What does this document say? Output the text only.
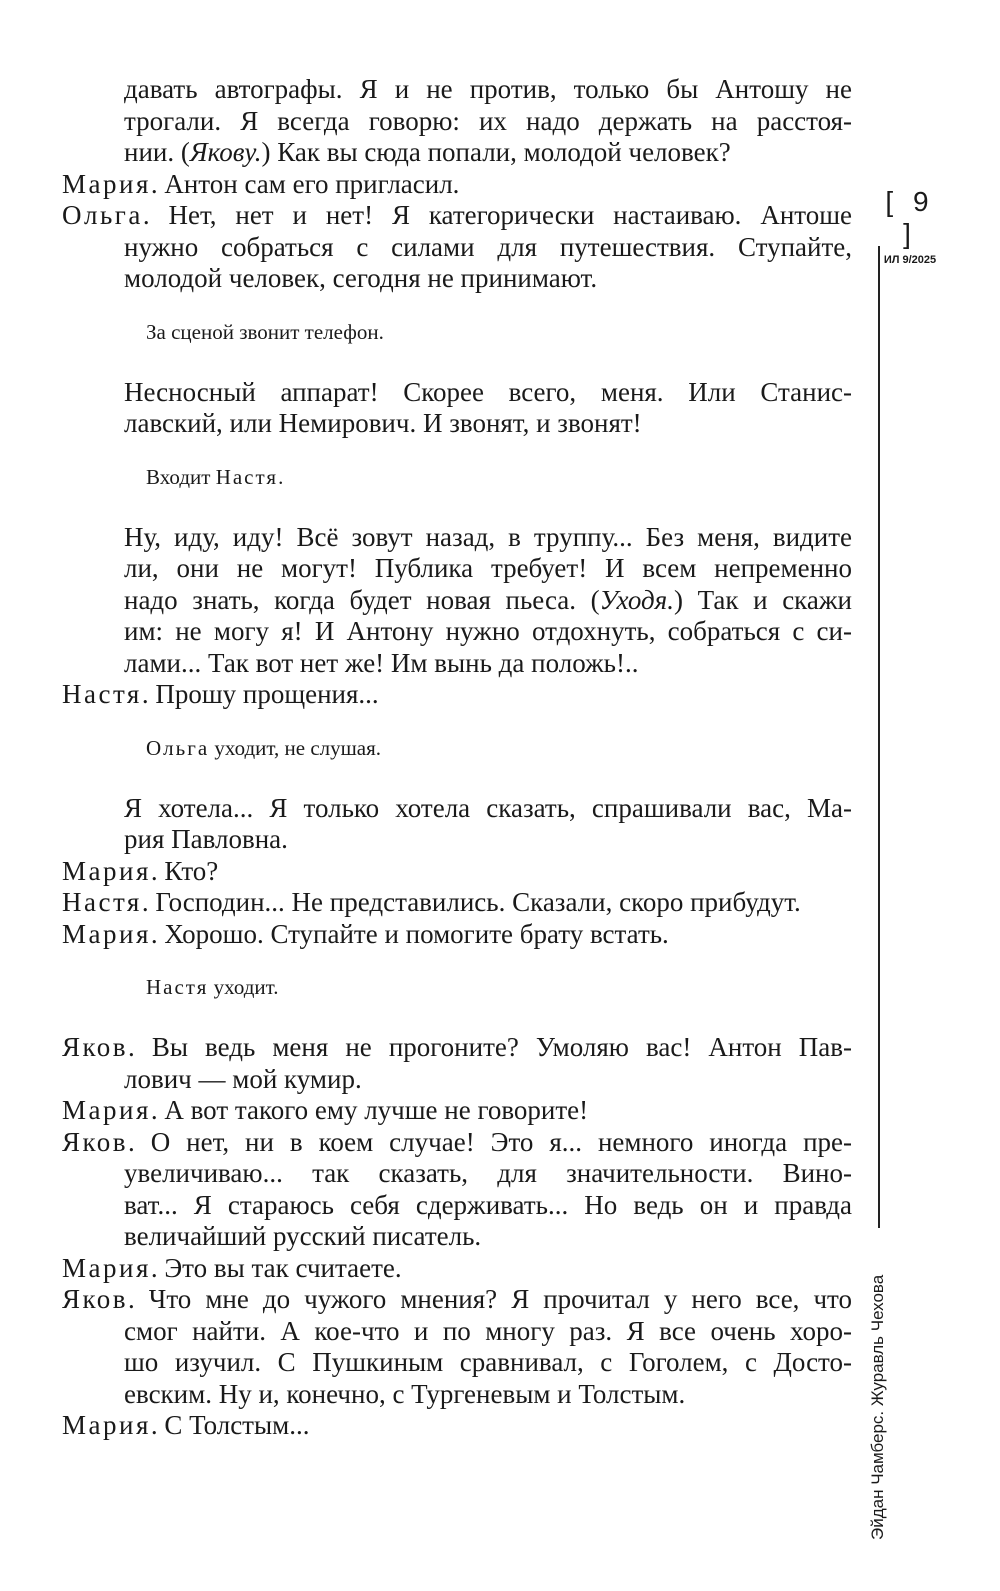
давать автографы. Я и не против, только бы Антошу не
трогали. Я всегда говорю: их надо держать на расстоя-
нии. (Якову.) Как вы сюда попали, молодой человек?
Мария. Антон сам его пригласил.
Ольга. Нет, нет и нет! Я категорически настаиваю. Антоше
нужно собраться с силами для путешествия. Ступайте,
молодой человек, сегодня не принимают.
За сценой звонит телефон.
Несносный аппарат! Скорее всего, меня. Или Станис-
лавский, или Немирович. И звонят, и звонят!
Входит Настя.
Ну, иду, иду! Всё зовут назад, в труппу... Без меня, видите
ли, они не могут! Публика требует! И всем непременно
надо знать, когда будет новая пьеса. (Уходя.) Так и скажи
им: не могу я! И Антону нужно отдохнуть, собраться с си-
лами... Так вот нет же! Им вынь да положь!..
Настя. Прошу прощения...
Ольга уходит, не слушая.
Я хотела... Я только хотела сказать, спрашивали вас, Ма-
рия Павловна.
Мария. Кто?
Настя. Господин... Не представились. Сказали, скоро прибудут.
Мария. Хорошо. Ступайте и помогите брату встать.
Настя уходит.
Яков. Вы ведь меня не прогоните? Умоляю вас! Антон Пав-
лович — мой кумир.
Мария. А вот такого ему лучше не говорите!
Яков. О нет, ни в коем случае! Это я... немного иногда пре-
увеличиваю... так сказать, для значительности. Вино-
ват... Я стараюсь себя сдерживать... Но ведь он и правда
величайший русский писатель.
Мария. Это вы так считаете.
Яков. Что мне до чужого мнения? Я прочитал у него все, что
смог найти. А кое-что и по многу раз. Я все очень хоро-
шо изучил. С Пушкиным сравнивал, с Гоголем, с Досто-
евским. Ну и, конечно, с Тургеневым и Толстым.
Мария. С Толстым...
[ 9 ]
ИЛ 9/2025
Эйдан Чамберс. Журавль Чехова
